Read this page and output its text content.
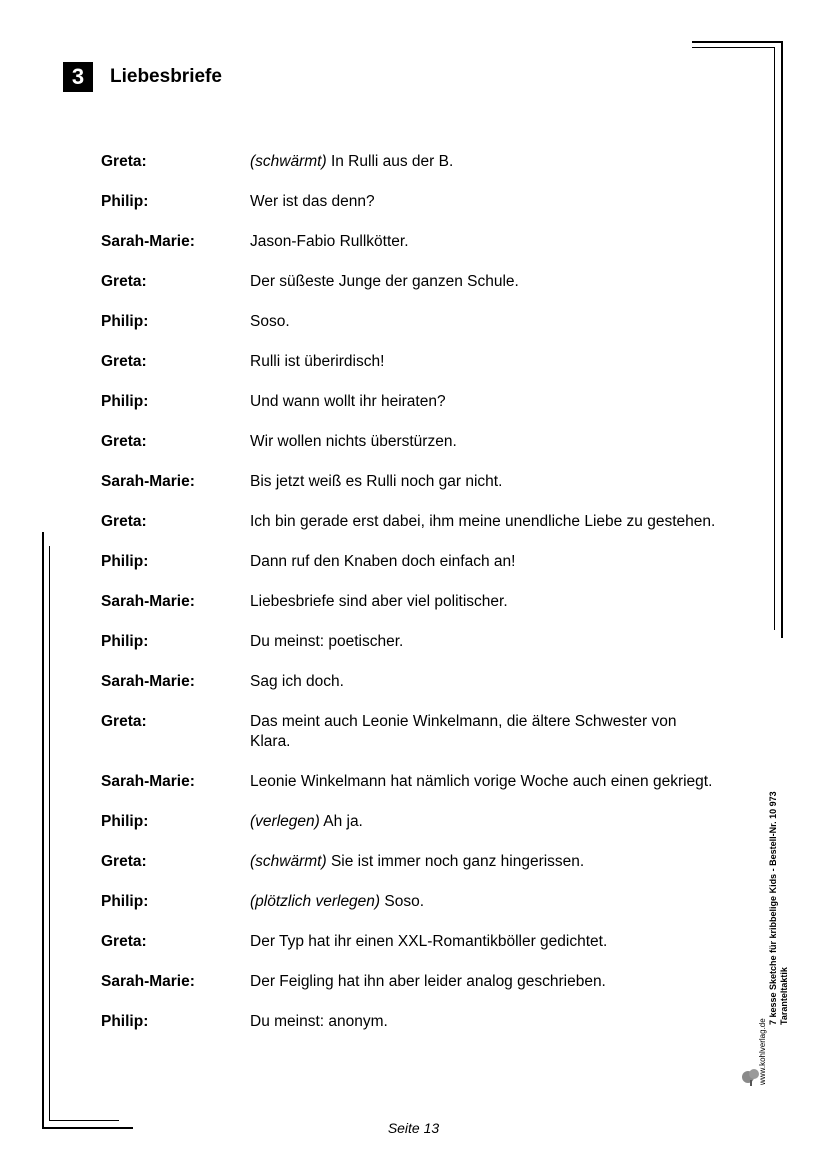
3	Liebesbriefe
Greta:	(schwärmt) In Rulli aus der B.
Philip:	Wer ist das denn?
Sarah-Marie:	Jason-Fabio Rullkötter.
Greta:	Der süßeste Junge der ganzen Schule.
Philip:	Soso.
Greta:	Rulli ist überirdisch!
Philip:	Und wann wollt ihr heiraten?
Greta:	Wir wollen nichts überstürzen.
Sarah-Marie:	Bis jetzt weiß es Rulli noch gar nicht.
Greta:	Ich bin gerade erst dabei, ihm meine unendliche Liebe zu gestehen.
Philip:	Dann ruf den Knaben doch einfach an!
Sarah-Marie:	Liebesbriefe sind aber viel politischer.
Philip:	Du meinst: poetischer.
Sarah-Marie:	Sag ich doch.
Greta:	Das meint auch Leonie Winkelmann, die ältere Schwester von Klara.
Sarah-Marie:	Leonie Winkelmann hat nämlich vorige Woche auch einen gekriegt.
Philip:	(verlegen) Ah ja.
Greta:	(schwärmt) Sie ist immer noch ganz hingerissen.
Philip:	(plötzlich verlegen) Soso.
Greta:	Der Typ hat ihr einen XXL-Romantikböller gedichtet.
Sarah-Marie:	Der Feigling hat ihn aber leider analog geschrieben.
Philip:	Du meinst: anonym.	www.kohlverlag.de
7 kesse Sketche für kribbelige Kids - Bestell-Nr. 10 973 Taranteltaktik
Seite 13
